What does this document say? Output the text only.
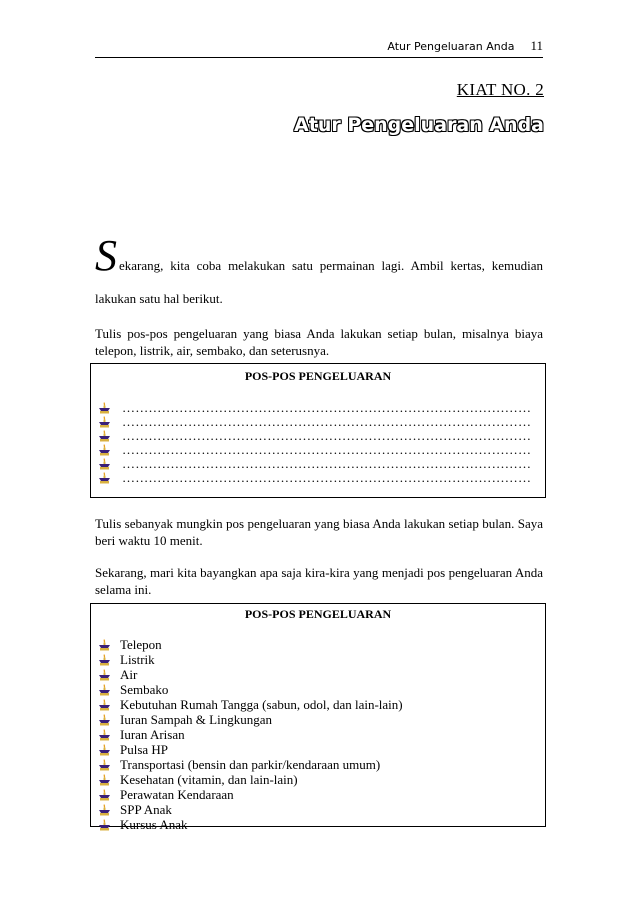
Atur Pengeluaran Anda 11
KIAT NO. 2
Atur Pengeluaran Anda
S ekarang, kita coba melakukan satu permainan lagi. Ambil kertas, kemudian
lakukan satu hal berikut.
Tulis pos-pos pengeluaran yang biasa Anda lakukan setiap bulan, misalnya biaya telepon, listrik, air, sembako, dan seterusnya.
POS-POS PENGELUARAN
…………………………………………………………………………………
…………………………………………………………………………………
…………………………………………………………………………………
…………………………………………………………………………………
…………………………………………………………………………………
…………………………………………………………………………………
Tulis sebanyak mungkin pos pengeluaran yang biasa Anda lakukan setiap bulan. Saya beri waktu 10 menit.
Sekarang, mari kita bayangkan apa saja kira-kira yang menjadi pos pengeluaran Anda selama ini.
POS-POS PENGELUARAN
Telepon
Listrik
Air
Sembako
Kebutuhan Rumah Tangga (sabun, odol, dan lain-lain)
Iuran Sampah & Lingkungan
Iuran Arisan
Pulsa HP
Transportasi (bensin dan parkir/kendaraan umum)
Kesehatan (vitamin, dan lain-lain)
Perawatan Kendaraan
SPP Anak
Kursus Anak
